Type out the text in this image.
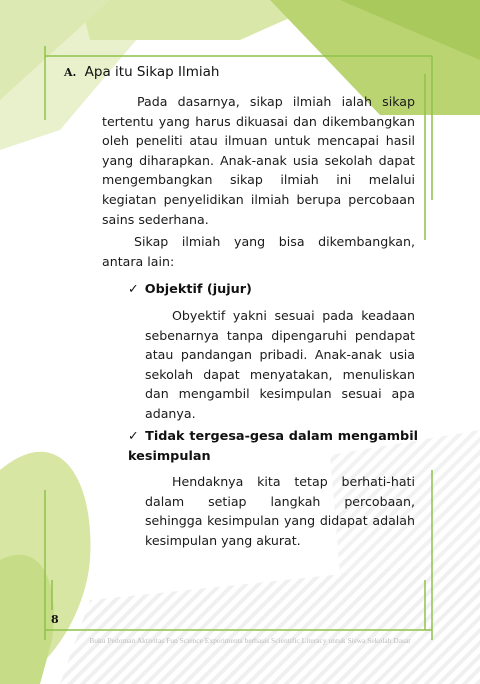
A. Apa itu Sikap Ilmiah

Pada dasarnya, sikap ilmiah ialah sikap tertentu yang harus dikuasai dan dikembangkan oleh peneliti atau ilmuan untuk mencapai hasil yang diharapkan. Anak-anak usia sekolah dapat mengembangkan sikap ilmiah ini melalui kegiatan penyelidikan ilmiah berupa percobaan sains sederhana.

Sikap ilmiah yang bisa dikembangkan, antara lain:

✓ Objektif (jujur)

Obyektif yakni sesuai pada keadaan sebenarnya tanpa dipengaruhi pendapat atau pandangan pribadi. Anak-anak usia sekolah dapat menyatakan, menuliskan dan mengambil kesimpulan sesuai apa adanya.

✓ Tidak tergesa-gesa dalam mengambil kesimpulan

Hendaknya kita tetap berhati-hati dalam setiap langkah percobaan, sehingga kesimpulan yang didapat adalah kesimpulan yang akurat.

8
Buku Pedoman Aktivitas Fun Science Experiments berbasis Scientific Literacy untuk Siswa Sekolah Dasar
